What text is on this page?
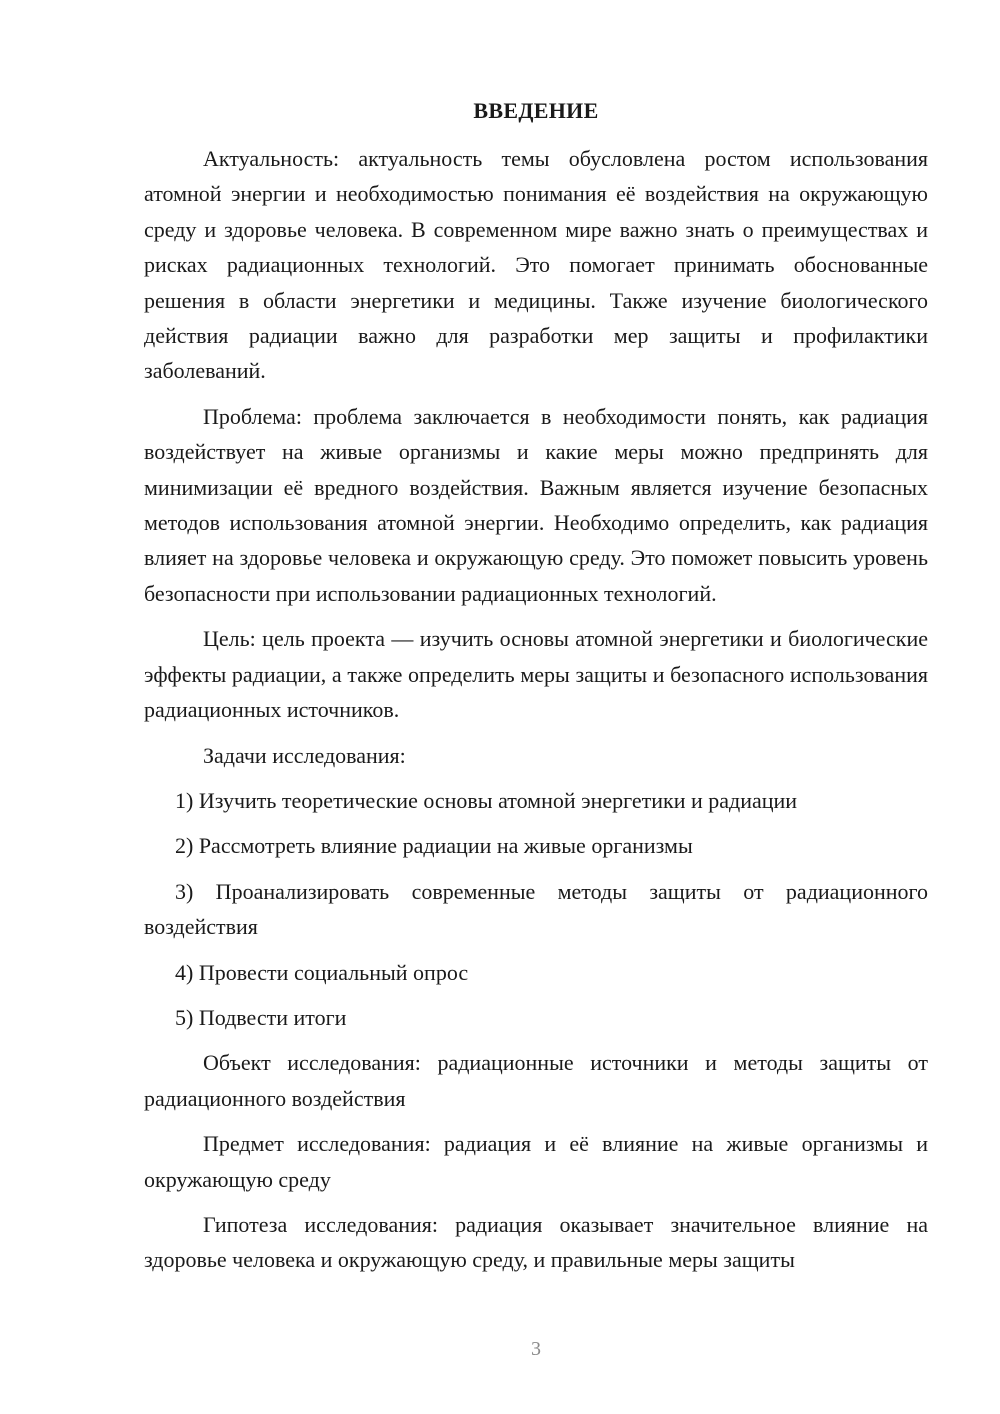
ВВЕДЕНИЕ

Актуальность: актуальность темы обусловлена ростом использования атомной энергии и необходимостью понимания её воздействия на окружающую среду и здоровье человека. В современном мире важно знать о преимуществах и рисках радиационных технологий. Это помогает принимать обоснованные решения в области энергетики и медицины. Также изучение биологического действия радиации важно для разработки мер защиты и профилактики заболеваний.

Проблема: проблема заключается в необходимости понять, как радиация воздействует на живые организмы и какие меры можно предпринять для минимизации её вредного воздействия. Важным является изучение безопасных методов использования атомной энергии. Необходимо определить, как радиация влияет на здоровье человека и окружающую среду. Это поможет повысить уровень безопасности при использовании радиационных технологий.

Цель: цель проекта — изучить основы атомной энергетики и биологические эффекты радиации, а также определить меры защиты и безопасного использования радиационных источников.

Задачи исследования:

1) Изучить теоретические основы атомной энергетики и радиации

2) Рассмотреть влияние радиации на живые организмы

3) Проанализировать современные методы защиты от радиационного воздействия

4) Провести социальный опрос

5) Подвести итоги

Объект исследования: радиационные источники и методы защиты от радиационного воздействия

Предмет исследования: радиация и её влияние на живые организмы и окружающую среду

Гипотеза исследования: радиация оказывает значительное влияние на здоровье человека и окружающую среду, и правильные меры защиты

3
